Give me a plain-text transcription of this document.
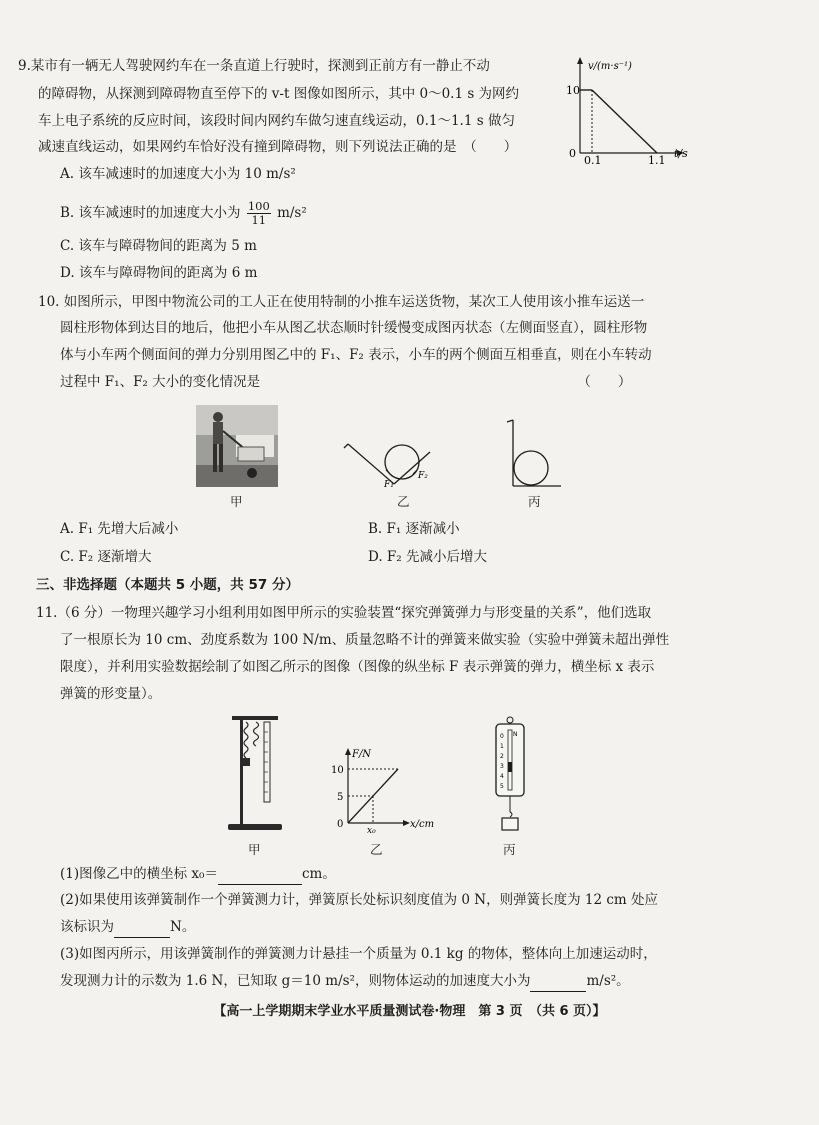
9.某市有一辆无人驾驶网约车在一条直道上行驶时，探测到正前方有一静止不动
的障碍物，从探测到障碍物直至停下的 v-t 图像如图所示，其中 0～0.1 s 为网约
车上电子系统的反应时间，该段时间内网约车做匀速直线运动，0.1～1.1 s 做匀
减速直线运动，如果网约车恰好没有撞到障碍物，则下列说法正确的是　（　　）
v/(m·s⁻¹)
10
0
0.1	1.1
t/s
A. 该车减速时的加速度大小为 10 m/s²
B. 该车减速时的加速度大小为 $\frac{100}{11} m/s^2$
C. 该车与障碍物间的距离为 5 m
D. 该车与障碍物间的距离为 6 m
10. 如图所示，甲图中物流公司的工人正在使用特制的小推车运送货物，某次工人使用该小推车运送一
圆柱形物体到达目的地后，他把小车从图乙状态顺时针缓慢变成图丙状态（左侧面竖直），圆柱形物
体与小车两个侧面间的弹力分别用图乙中的 F₁、F₂ 表示，小车的两个侧面互相垂直，则在小车转动
过程中 F₁、F₂ 大小的变化情况是　　　　　　　　　　　　　　　　　　　　　　　　（　　）
甲
F₁
F₂
乙	丙
A. F₁ 先增大后减小	B. F₁ 逐渐减小
C. F₂ 逐渐增大	D. F₂ 先减小后增大
三、非选择题（本题共 5 小题，共 57 分）
11.（6 分）一物理兴趣学习小组利用如图甲所示的实验装置“探究弹簧弹力与形变量的关系”，他们选取
了一根原长为 10 cm、劲度系数为 100 N/m、质量忽略不计的弹簧来做实验（实验中弹簧未超出弹性
限度），并利用实验数据绘制了如图乙所示的图像（图像的纵坐标 F 表示弹簧的弹力，横坐标 x 表示
弹簧的形变量）。
甲
F/N
10
5
0
x₀
x/cm
乙
N
0
1
2
3
4
5
丙
(1)图像乙中的横坐标 x₀＝	cm。
(2)如果使用该弹簧制作一个弹簧测力计，弹簧原长处标识刻度值为 0 N，则弹簧长度为 12 cm 处应
该标识为	N。
(3)如图丙所示，用该弹簧制作的弹簧测力计悬挂一个质量为 0.1 kg 的物体，整体向上加速运动时，
发现测力计的示数为 1.6 N，已知取 g＝10 m/s²，则物体运动的加速度大小为	m/s²。
【高一上学期期末学业水平质量测试卷·物理　第 3 页　（共 6 页）】
